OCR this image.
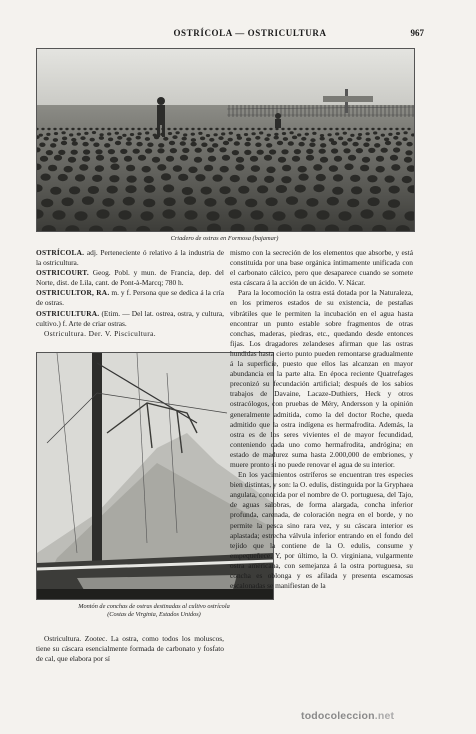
OSTRÍCOLA — OSTRICULTURA	967
Criadero de ostras en Formosa (bajamar)

OSTRÍCOLA. adj. Perteneciente ó relativo á la industria de la ostricultura.

OSTRICOURT. Geog. Pobl. y mun. de Francia, dep. del Norte, dist. de Lila, cant. de Pont-à-Marcq; 780 h.

OSTRICULTOR, RA. m. y f. Persona que se dedica á la cría de ostras.

OSTRICULTURA. (Etim. — Del lat. ostrea, ostra, y cultura, cultivo.) f. Arte de criar ostras.

Ostricultura. Der. V. Piscicultura.

Montón de conchas de ostras destinadas al cultivo ostrícola
(Costas de Virginia, Estados Unidos)

Ostricultura. Zootec. La ostra, como todos los moluscos, tiene su cáscara esencialmente formada de carbonato y fosfato de cal, que elabora por sí

mismo con la secreción de los elementos que absorbe, y está constituída por una base orgánica íntimamente unificada con el carbonato cálcico, pero que desaparece cuando se somete esta cáscara á la acción de un ácido. V. Nácar.

Para la locomoción la ostra está dotada por la Naturaleza, en los primeros estados de su existencia, de pestañas vibrátiles que le permiten la incubación en el agua hasta encontrar un punto estable sobre fragmentos de otras conchas, maderas, piedras, etc., quedando desde entonces fijas. Los dragadores zelandeses afirman que las ostras hundidas hasta cierto punto pueden remontarse gradualmente á la superficie, puesto que ellos las alcanzan en mayor abundancia en la parte alta. En época reciente Quatrefages preconizó su fecundación artificial; después de los sabios trabajos de Davaine, Lacaze-Duthiers, Heck y otros ostracólogos, con pruebas de Méry, Andersson y la opinión generalmente admitida, como la del doctor Roche, queda admitido que la ostra indígena es hermafrodita. Además, la ostra es de los seres vivientes el de mayor fecundidad, conteniendo cada uno como hermafrodita, andrógina; en estado de madurez suma hasta 2.000,000 de embriones, y muere pronto si no puede renovar el agua de su interior.

En los yacimientos ostríferos se encuentran tres especies bien distintas, y son: la O. edulis, distinguida por la Gryphaea angulata, conocida por el nombre de O. portuguesa, del Tajo, de aguas salobras, de forma alargada, concha inferior profunda, carenada, de coloración negra en el borde, y no permite la pesca sino rara vez, y su cáscara interior es aplastada; estrecha válvula inferior entrando en el fondo del tejido que la contiene de la O. edulis, consume y empequeñece. Y, por último, la O. virginiana, vulgarmente ostra americana, con semejanza á la ostra portuguesa, su concha es oblonga y es afilada y presenta escamosas escalonadas se manifiestan de la

todocoleccion.net
